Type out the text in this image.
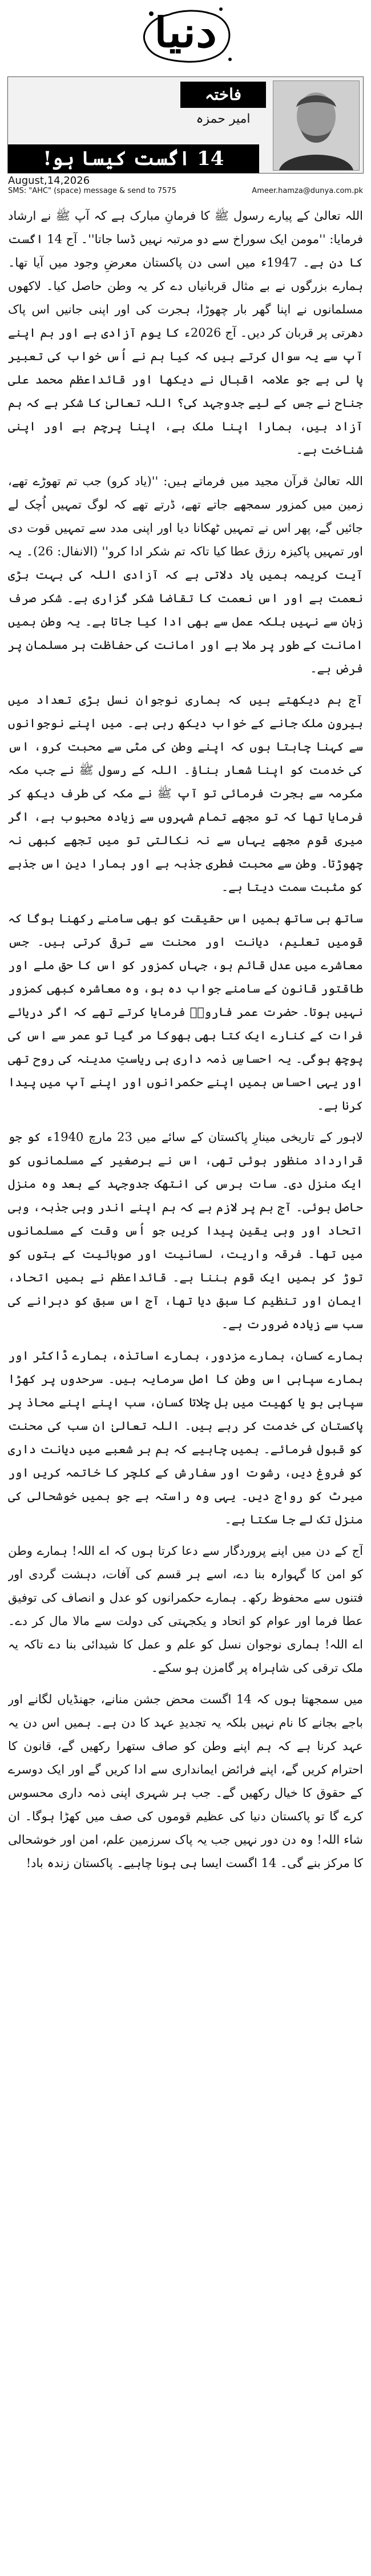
دنیا
فاختہ
امیر حمزہ
14 اگست کیسا ہو!
August,14,2026
SMS: "AHC" (space) message & send to 7575	Ameer.hamza@dunya.com.pk

اللہ تعالیٰ کے پیارے رسول ﷺ کا فرمانِ مبارک ہے کہ آپ ﷺ نے ارشاد فرمایا: ''مومن ایک سوراخ سے دو مرتبہ نہیں ڈسا جاتا''۔ آج 14 اگست کا دن ہے۔ 1947ء میں اسی دن پاکستان معرضِ وجود میں آیا تھا۔ ہمارے بزرگوں نے بے مثال قربانیاں دے کر یہ وطن حاصل کیا۔ لاکھوں مسلمانوں نے اپنا گھر بار چھوڑا، ہجرت کی اور اپنی جانیں اس پاک دھرتی پر قربان کر دیں۔ آج 2026ء کا یوم آزادی ہے اور ہم اپنے آپ سے یہ سوال کرتے ہیں کہ کیا ہم نے اُس خواب کی تعبیر پا لی ہے جو علامہ اقبال نے دیکھا اور قائداعظم محمد علی جناح نے جس کے لیے جدوجہد کی؟ اللہ تعالیٰ کا شکر ہے کہ ہم آزاد ہیں، ہمارا اپنا ملک ہے، اپنا پرچم ہے اور اپنی شناخت ہے۔

اللہ تعالیٰ قرآن مجید میں فرماتے ہیں: ''(یاد کرو) جب تم تھوڑے تھے، زمین میں کمزور سمجھے جاتے تھے، ڈرتے تھے کہ لوگ تمہیں اُچک لے جائیں گے، پھر اس نے تمہیں ٹھکانا دیا اور اپنی مدد سے تمہیں قوت دی اور تمہیں پاکیزہ رزق عطا کیا تاکہ تم شکر ادا کرو'' (الانفال: 26)۔ یہ آیت کریمہ ہمیں یاد دلاتی ہے کہ آزادی اللہ کی بہت بڑی نعمت ہے اور اس نعمت کا تقاضا شکر گزاری ہے۔ شکر صرف زبان سے نہیں بلکہ عمل سے بھی ادا کیا جاتا ہے۔ یہ وطن ہمیں امانت کے طور پر ملا ہے اور امانت کی حفاظت ہر مسلمان پر فرض ہے۔

آج ہم دیکھتے ہیں کہ ہماری نوجوان نسل بڑی تعداد میں بیرونِ ملک جانے کے خواب دیکھ رہی ہے۔ میں اپنے نوجوانوں سے کہنا چاہتا ہوں کہ اپنے وطن کی مٹی سے محبت کرو، اس کی خدمت کو اپنا شعار بناؤ۔ اللہ کے رسول ﷺ نے جب مکہ مکرمہ سے ہجرت فرمائی تو آپ ﷺ نے مکہ کی طرف دیکھ کر فرمایا تھا کہ تو مجھے تمام شہروں سے زیادہ محبوب ہے، اگر میری قوم مجھے یہاں سے نہ نکالتی تو میں تجھے کبھی نہ چھوڑتا۔ وطن سے محبت فطری جذبہ ہے اور ہمارا دین اس جذبے کو مثبت سمت دیتا ہے۔

ساتھ ہی ساتھ ہمیں اس حقیقت کو بھی سامنے رکھنا ہوگا کہ قومیں تعلیم، دیانت اور محنت سے ترقی کرتی ہیں۔ جس معاشرے میں عدل قائم ہو، جہاں کمزور کو اس کا حق ملے اور طاقتور قانون کے سامنے جواب دہ ہو، وہ معاشرہ کبھی کمزور نہیں ہوتا۔ حضرت عمر فاروقؓ فرمایا کرتے تھے کہ اگر دریائے فرات کے کنارے ایک کتا بھی بھوکا مر گیا تو عمر سے اس کی پوچھ ہوگی۔ یہ احساسِ ذمہ داری ہی ریاستِ مدینہ کی روح تھی اور یہی احساس ہمیں اپنے حکمرانوں اور اپنے آپ میں پیدا کرنا ہے۔

لاہور کے تاریخی مینارِ پاکستان کے سائے میں 23 مارچ 1940ء کو جو قرارداد منظور ہوئی تھی، اس نے برصغیر کے مسلمانوں کو ایک منزل دی۔ سات برس کی انتھک جدوجہد کے بعد وہ منزل حاصل ہوئی۔ آج ہم پر لازم ہے کہ ہم اپنے اندر وہی جذبہ، وہی اتحاد اور وہی یقین پیدا کریں جو اُس وقت کے مسلمانوں میں تھا۔ فرقہ واریت، لسانیت اور صوبائیت کے بتوں کو توڑ کر ہمیں ایک قوم بننا ہے۔ قائداعظم نے ہمیں اتحاد، ایمان اور تنظیم کا سبق دیا تھا، آج اس سبق کو دہرانے کی سب سے زیادہ ضرورت ہے۔

ہمارے کسان، ہمارے مزدور، ہمارے اساتذہ، ہمارے ڈاکٹر اور ہمارے سپاہی اس وطن کا اصل سرمایہ ہیں۔ سرحدوں پر کھڑا سپاہی ہو یا کھیت میں ہل چلاتا کسان، سب اپنے اپنے محاذ پر پاکستان کی خدمت کر رہے ہیں۔ اللہ تعالیٰ ان سب کی محنت کو قبول فرمائے۔ ہمیں چاہیے کہ ہم ہر شعبے میں دیانت داری کو فروغ دیں، رشوت اور سفارش کے کلچر کا خاتمہ کریں اور میرٹ کو رواج دیں۔ یہی وہ راستہ ہے جو ہمیں خوشحالی کی منزل تک لے جا سکتا ہے۔

آج کے دن میں اپنے پروردگار سے دعا کرتا ہوں کہ اے اللہ! ہمارے وطن کو امن کا گہوارہ بنا دے، اسے ہر قسم کی آفات، دہشت گردی اور فتنوں سے محفوظ رکھ۔ ہمارے حکمرانوں کو عدل و انصاف کی توفیق عطا فرما اور عوام کو اتحاد و یکجہتی کی دولت سے مالا مال کر دے۔ اے اللہ! ہماری نوجوان نسل کو علم و عمل کا شیدائی بنا دے تاکہ یہ ملک ترقی کی شاہراہ پر گامزن ہو سکے۔

میں سمجھتا ہوں کہ 14 اگست محض جشن منانے، جھنڈیاں لگانے اور باجے بجانے کا نام نہیں بلکہ یہ تجدیدِ عہد کا دن ہے۔ ہمیں اس دن یہ عہد کرنا ہے کہ ہم اپنے وطن کو صاف ستھرا رکھیں گے، قانون کا احترام کریں گے، اپنے فرائض ایمانداری سے ادا کریں گے اور ایک دوسرے کے حقوق کا خیال رکھیں گے۔ جب ہر شہری اپنی ذمہ داری محسوس کرے گا تو پاکستان دنیا کی عظیم قوموں کی صف میں کھڑا ہوگا۔ ان شاء اللہ! وہ دن دور نہیں جب یہ پاک سرزمین علم، امن اور خوشحالی کا مرکز بنے گی۔ 14 اگست ایسا ہی ہونا چاہیے۔ پاکستان زندہ باد!
